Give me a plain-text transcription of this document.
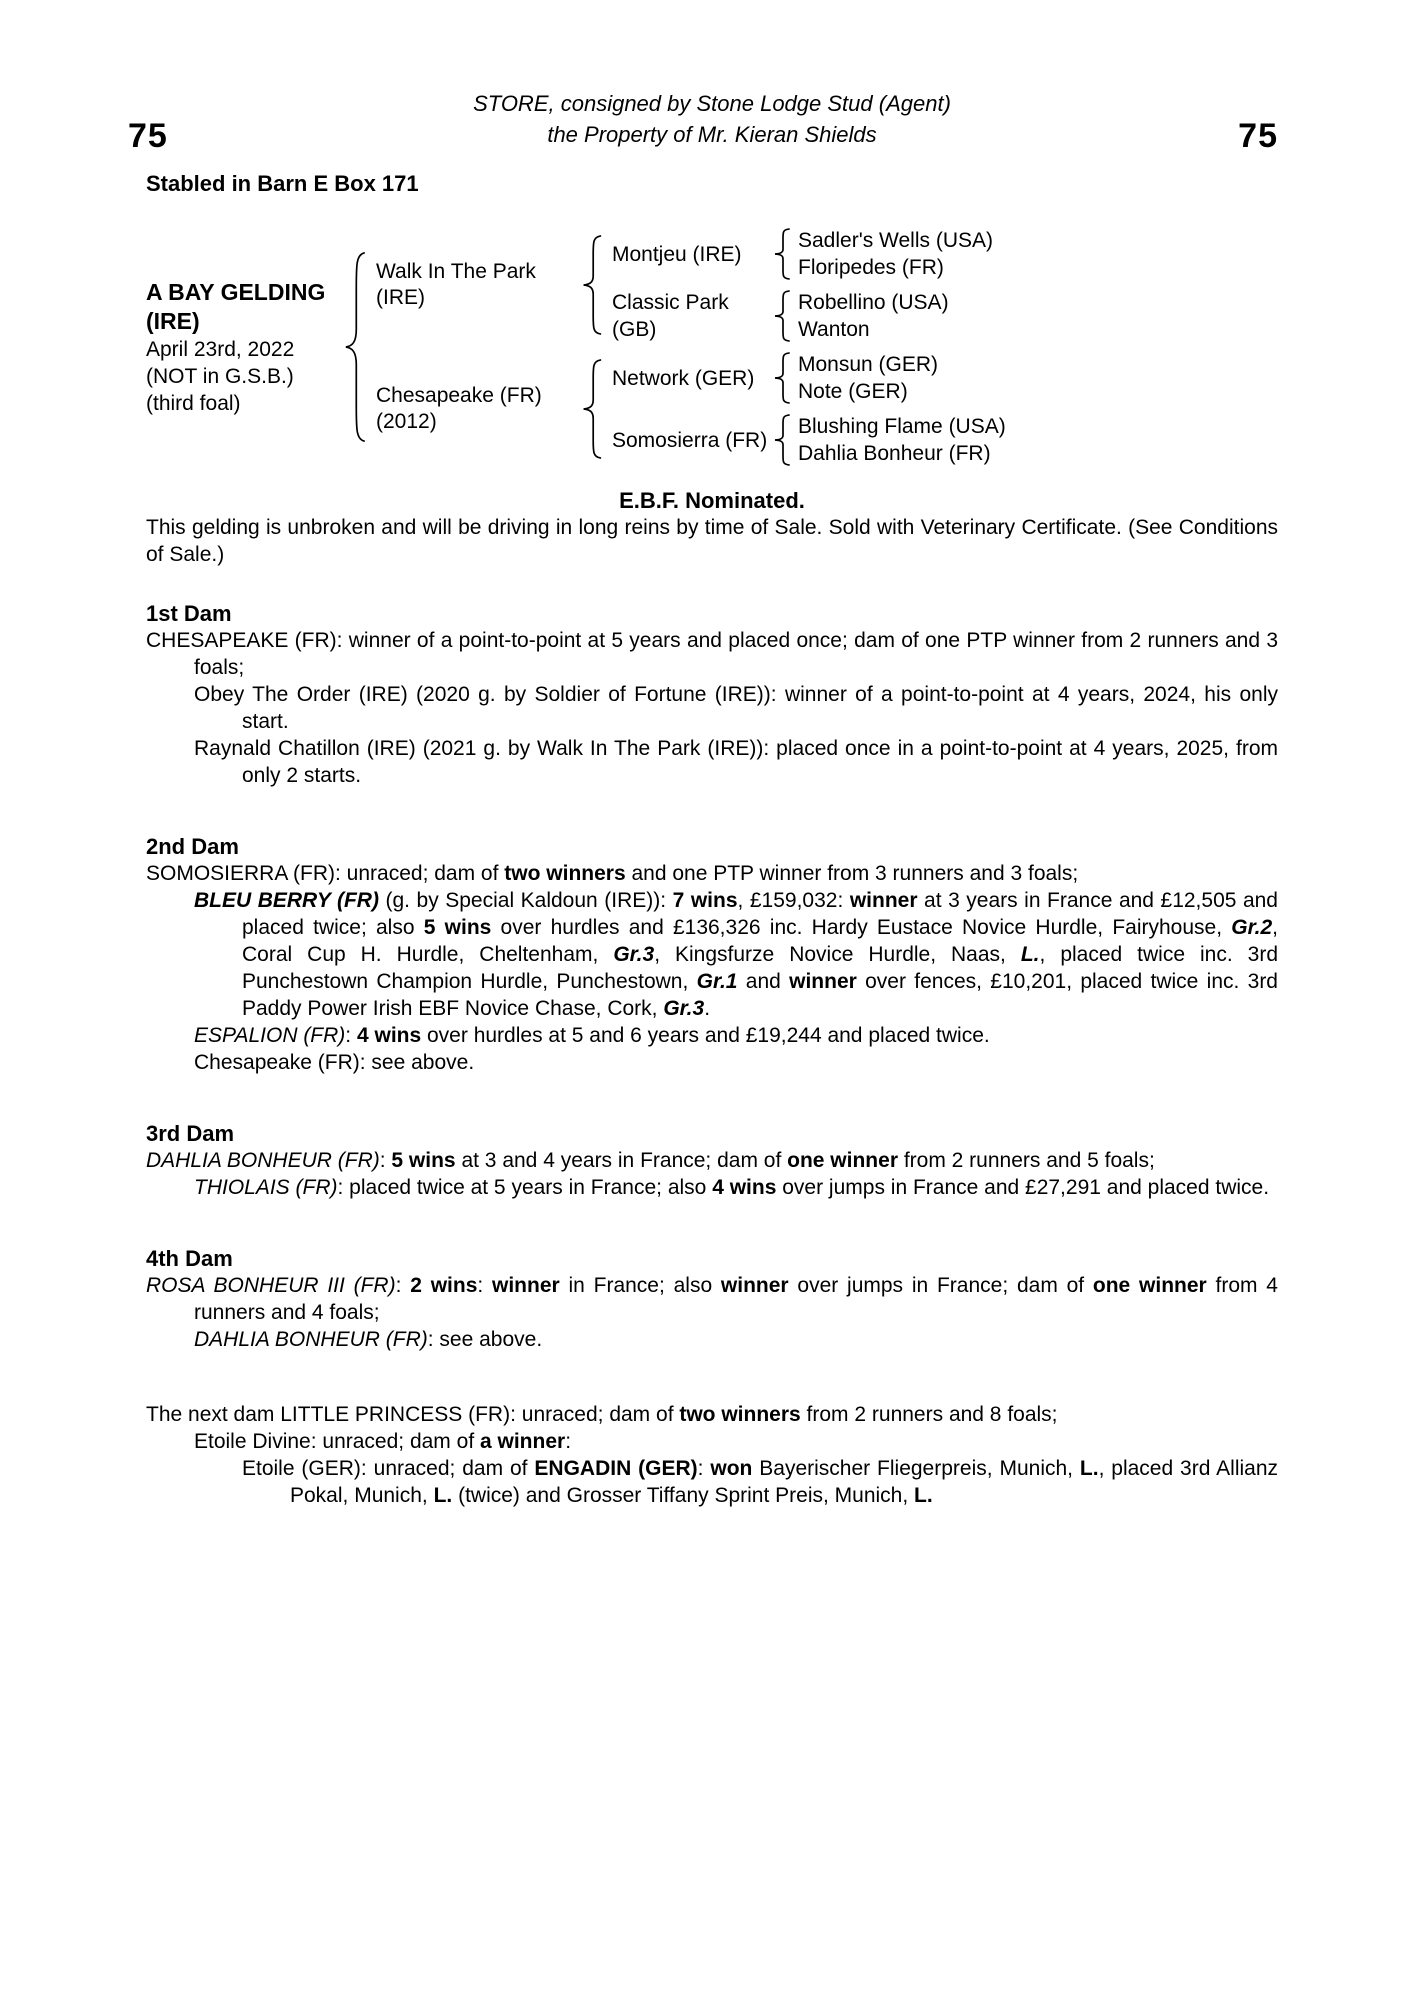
75	75
STORE, consigned by Stone Lodge Stud (Agent)
the Property of Mr. Kieran Shields
Stabled in Barn E Box 171
A BAY GELDING (IRE)
April 23rd, 2022
(NOT in G.S.B.)
(third foal)
Walk In The Park (IRE)
Montjeu (IRE)
Sadler's Wells (USA)
Floripedes (FR)
Classic Park (GB)
Robellino (USA)
Wanton
Chesapeake (FR)
(2012)
Network (GER)
Monsun (GER)
Note (GER)
Somosierra (FR)
Blushing Flame (USA)
Dahlia Bonheur (FR)
E.B.F. Nominated.

This gelding is unbroken and will be driving in long reins by time of Sale. Sold with Veterinary Certificate. (See Conditions of Sale.)

1st Dam

CHESAPEAKE (FR): winner of a point-to-point at 5 years and placed once; dam of one PTP winner from 2 runners and 3 foals;

Obey The Order (IRE) (2020 g. by Soldier of Fortune (IRE)): winner of a point-to-point at 4 years, 2024, his only start.

Raynald Chatillon (IRE) (2021 g. by Walk In The Park (IRE)): placed once in a point-to-point at 4 years, 2025, from only 2 starts.

2nd Dam

SOMOSIERRA (FR): unraced; dam of two winners and one PTP winner from 3 runners and 3 foals;

BLEU BERRY (FR) (g. by Special Kaldoun (IRE)): 7 wins, £159,032: winner at 3 years in France and £12,505 and placed twice; also 5 wins over hurdles and £136,326 inc. Hardy Eustace Novice Hurdle, Fairyhouse, Gr.2, Coral Cup H. Hurdle, Cheltenham, Gr.3, Kingsfurze Novice Hurdle, Naas, L., placed twice inc. 3rd Punchestown Champion Hurdle, Punchestown, Gr.1 and winner over fences, £10,201, placed twice inc. 3rd Paddy Power Irish EBF Novice Chase, Cork, Gr.3.

ESPALION (FR): 4 wins over hurdles at 5 and 6 years and £19,244 and placed twice.

Chesapeake (FR): see above.

3rd Dam

DAHLIA BONHEUR (FR): 5 wins at 3 and 4 years in France; dam of one winner from 2 runners and 5 foals;

THIOLAIS (FR): placed twice at 5 years in France; also 4 wins over jumps in France and £27,291 and placed twice.

4th Dam

ROSA BONHEUR III (FR): 2 wins: winner in France; also winner over jumps in France; dam of one winner from 4 runners and 4 foals;

DAHLIA BONHEUR (FR): see above.

The next dam LITTLE PRINCESS (FR): unraced; dam of two winners from 2 runners and 8 foals;

Etoile Divine: unraced; dam of a winner:

Etoile (GER): unraced; dam of ENGADIN (GER): won Bayerischer Fliegerpreis, Munich, L., placed 3rd Allianz Pokal, Munich, L. (twice) and Grosser Tiffany Sprint Preis, Munich, L.
